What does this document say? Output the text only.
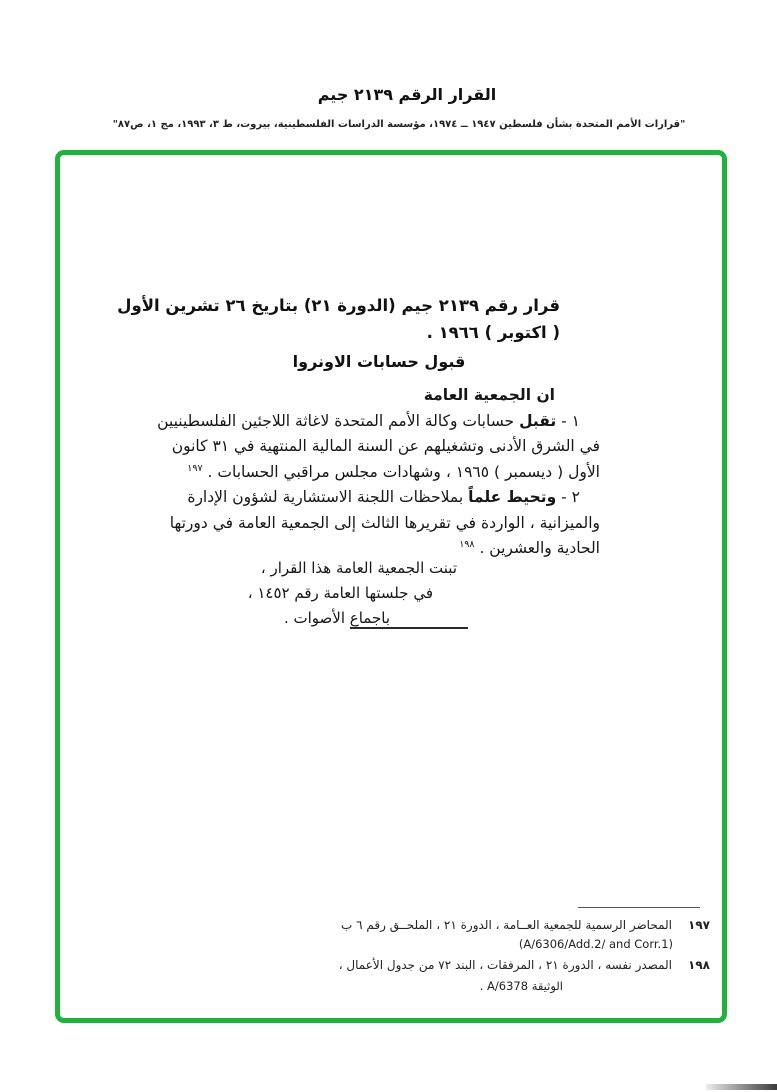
القرار الرقم ٢١٣٩ جيم
"قرارات الأمم المتحدة بشأن فلسطين ١٩٤٧ ــ ١٩٧٤، مؤسسة الدراسات الفلسطينية، بيروت، ط ٣، ١٩٩٣، مج ١، ص٨٧"
قرار رقم ٢١٣٩ جيم (الدورة ٢١) بتاريخ ٢٦ تشرين الأول
( اكتوبر ) ١٩٦٦ .
قبول حسابات الاونروا
ان الجمعية العامة
١ - تقبل حسابات وكالة الأمم المتحدة لاغاثة اللاجئين الفلسطينيين
في الشرق الأدنى وتشغيلهم عن السنة المالية المنتهية في ٣١ كانون
الأول ( ديسمبر ) ١٩٦٥ ، وشهادات مجلس مراقبي الحسابات . $^{١٩٧}$
٢ - وتحيط علماً بملاحظات اللجنة الاستشارية لشؤون الإدارة
والميزانية ، الواردة في تقريرها الثالث إلى الجمعية العامة في دورتها
الحادية والعشرين . $^{١٩٨}$
تبنت الجمعية العامة هذا القرار ،
في جلستها العامة رقم ١٤٥٢ ،
باجماع الأصوات .
١٩٧المحاضر الرسمية للجمعية العــامة ، الدورة ٢١ ، الملحــق رقم ٦ ب
(A/6306/Add.2/ and Corr.1)
١٩٨المصدر نفسه ، الدورة ٢١ ، المرفقات ، البند ٧٢ من جدول الأعمال ،
الوثيقة A/6378 .
